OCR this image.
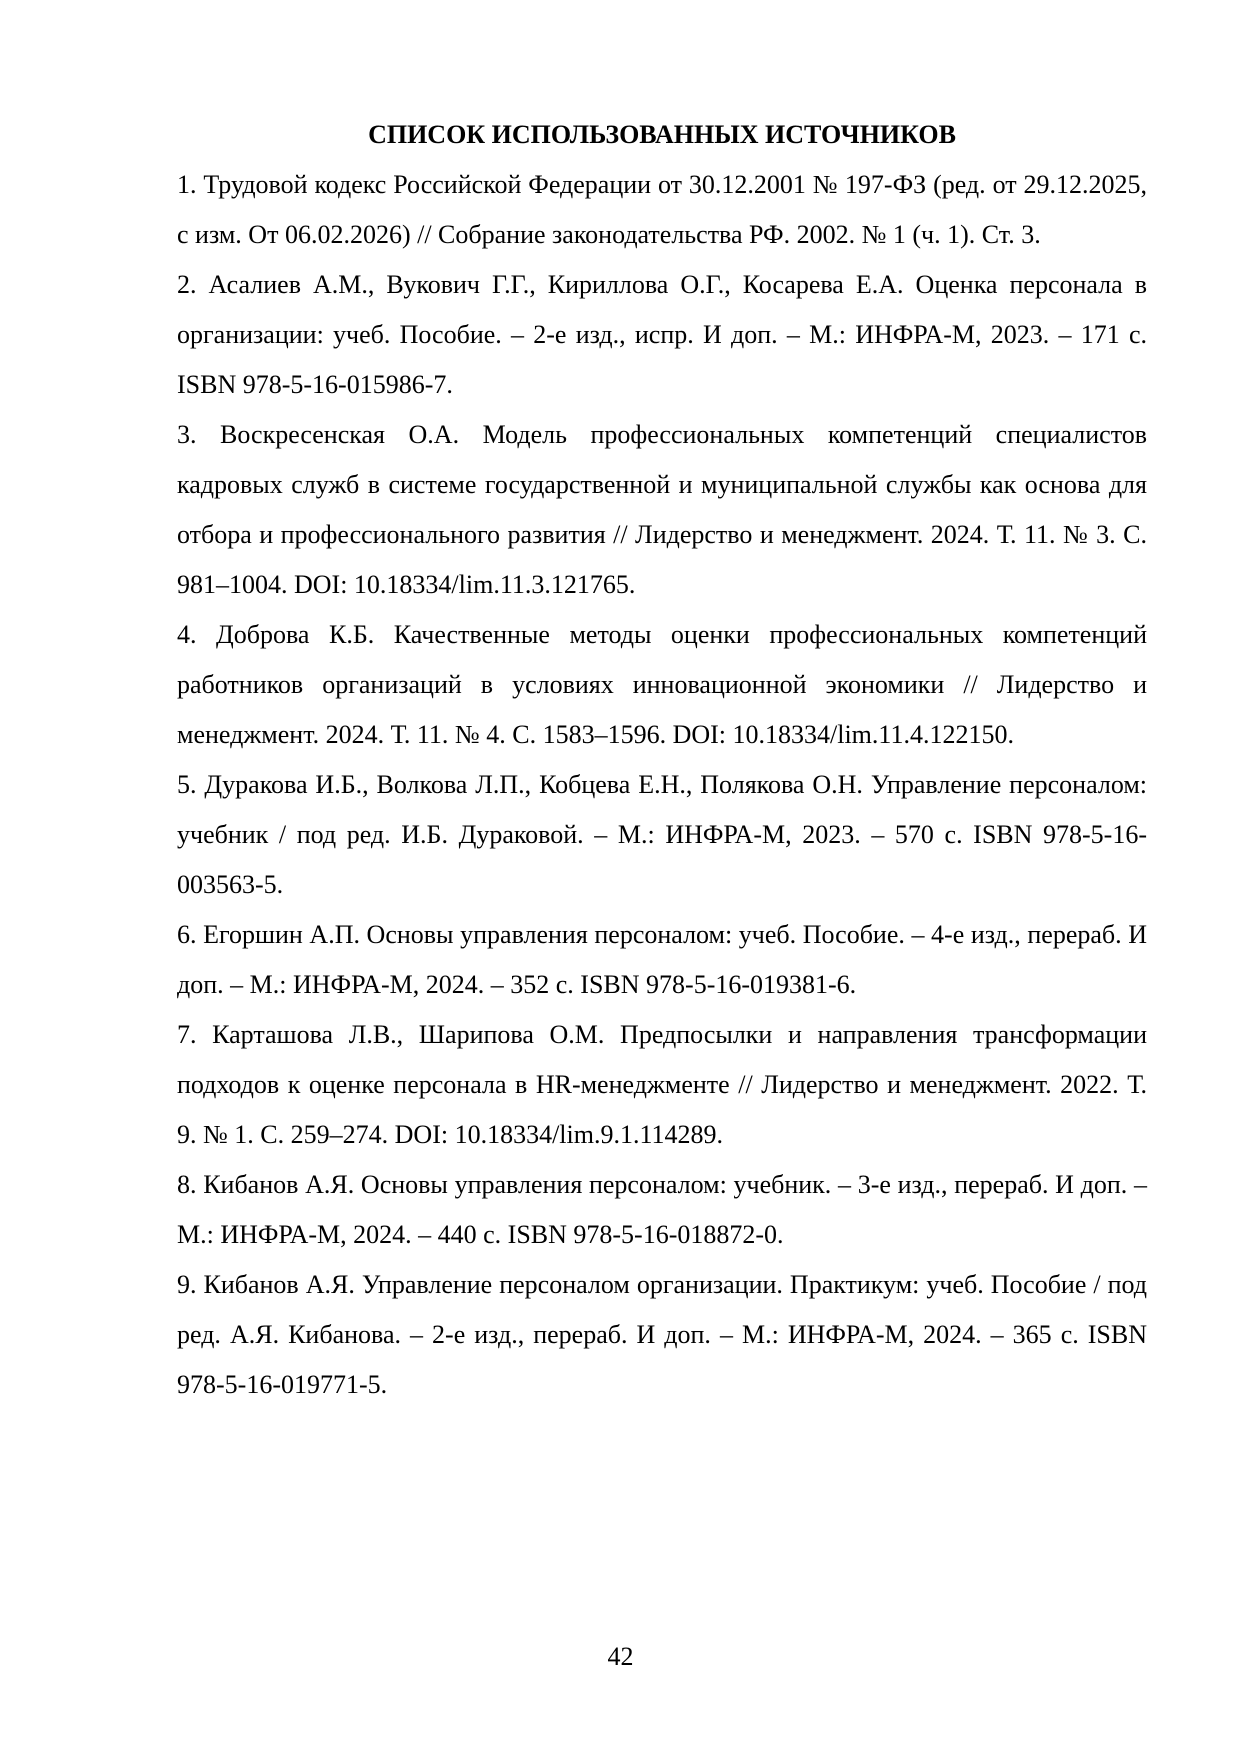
СПИСОК ИСПОЛЬЗОВАННЫХ ИСТОЧНИКОВ
1. Трудовой кодекс Российской Федерации от 30.12.2001 № 197-ФЗ (ред. от 29.12.2025, с изм. От 06.02.2026) // Собрание законодательства РФ. 2002. № 1 (ч. 1). Ст. 3.
2. Асалиев А.М., Вукович Г.Г., Кириллова О.Г., Косарева Е.А. Оценка персонала в организации: учеб. Пособие. – 2-е изд., испр. И доп. – М.: ИНФРА-М, 2023. – 171 с. ISBN 978-5-16-015986-7.
3. Воскресенская О.А. Модель профессиональных компетенций специалистов кадровых служб в системе государственной и муниципальной службы как основа для отбора и профессионального развития // Лидерство и менеджмент. 2024. Т. 11. № 3. С. 981–1004. DOI: 10.18334/lim.11.3.121765.
4. Доброва К.Б. Качественные методы оценки профессиональных компетенций работников организаций в условиях инновационной экономики // Лидерство и менеджмент. 2024. Т. 11. № 4. С. 1583–1596. DOI: 10.18334/lim.11.4.122150.
5. Дуракова И.Б., Волкова Л.П., Кобцева Е.Н., Полякова О.Н. Управление персоналом: учебник / под ред. И.Б. Дураковой. – М.: ИНФРА-М, 2023. – 570 с. ISBN 978-5-16-003563-5.
6. Егоршин А.П. Основы управления персоналом: учеб. Пособие. – 4-е изд., перераб. И доп. – М.: ИНФРА-М, 2024. – 352 с. ISBN 978-5-16-019381-6.
7. Карташова Л.В., Шарипова О.М. Предпосылки и направления трансформации подходов к оценке персонала в HR-менеджменте // Лидерство и менеджмент. 2022. Т. 9. № 1. С. 259–274. DOI: 10.18334/lim.9.1.114289.
8. Кибанов А.Я. Основы управления персоналом: учебник. – 3-е изд., перераб. И доп. – М.: ИНФРА-М, 2024. – 440 с. ISBN 978-5-16-018872-0.
9. Кибанов А.Я. Управление персоналом организации. Практикум: учеб. Пособие / под ред. А.Я. Кибанова. – 2-е изд., перераб. И доп. – М.: ИНФРА-М, 2024. – 365 с. ISBN 978-5-16-019771-5.
42
